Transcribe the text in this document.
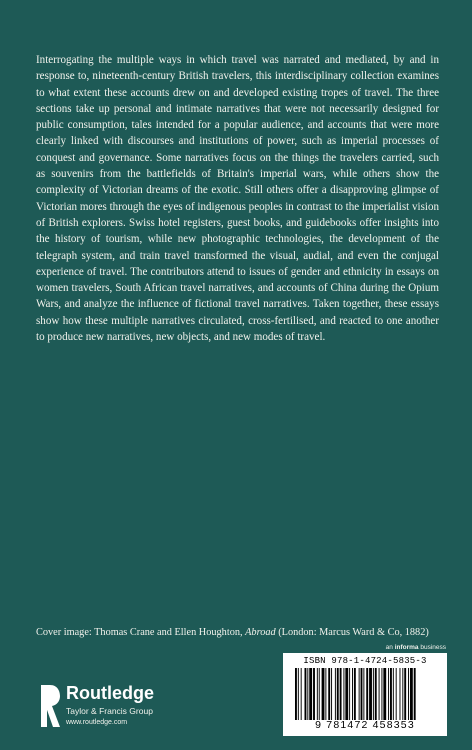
Interrogating the multiple ways in which travel was narrated and mediated, by and in response to, nineteenth-century British travelers, this interdisciplinary collection examines to what extent these accounts drew on and developed existing tropes of travel. The three sections take up personal and intimate narratives that were not necessarily designed for public consumption, tales intended for a popular audience, and accounts that were more clearly linked with discourses and institutions of power, such as imperial processes of conquest and governance. Some narratives focus on the things the travelers carried, such as souvenirs from the battlefields of Britain's imperial wars, while others show the complexity of Victorian dreams of the exotic. Still others offer a disapproving glimpse of Victorian mores through the eyes of indigenous peoples in contrast to the imperialist vision of British explorers. Swiss hotel registers, guest books, and guidebooks offer insights into the history of tourism, while new photographic technologies, the development of the telegraph system, and train travel transformed the visual, audial, and even the conjugal experience of travel. The contributors attend to issues of gender and ethnicity in essays on women travelers, South African travel narratives, and accounts of China during the Opium Wars, and analyze the influence of fictional travel narratives. Taken together, these essays show how these multiple narratives circulated, cross-fertilised, and reacted to one another to produce new narratives, new objects, and new modes of travel.
Cover image: Thomas Crane and Ellen Houghton, Abroad (London: Marcus Ward & Co, 1882)
an informa business
ISBN 978-1-4724-5835-3
9 781472 458353
Routledge
Taylor & Francis Group
www.routledge.com
